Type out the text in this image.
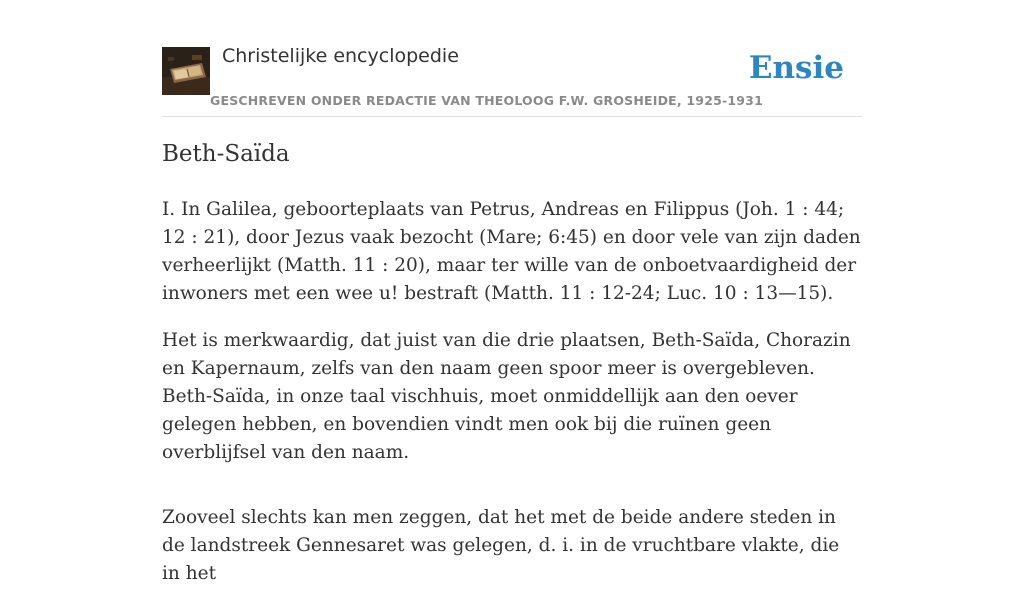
Christelijke encyclopedie
GESCHREVEN ONDER REDACTIE VAN THEOLOOG F.W. GROSHEIDE, 1925-1931
Ensie
Beth-Saïda

I. In Galilea, geboorteplaats van Petrus, Andreas en Filippus (Joh. 1 : 44; 12 : 21), door Jezus vaak bezocht (Mare; 6:45) en door vele van zijn daden verheerlijkt (Matth. 11 : 20), maar ter wille van de onboetvaardigheid der inwoners met een wee u! bestraft (Matth. 11 : 12-24; Luc. 10 : 13—15).

Het is merkwaardig, dat juist van die drie plaatsen, Beth-Saïda, Chorazin en Kapernaum, zelfs van den naam geen spoor meer is overgebleven. Beth-Saïda, in onze taal vischhuis, moet onmiddellijk aan den oever gelegen hebben, en bovendien vindt men ook bij die ruïnen geen overblijfsel van den naam.

Zooveel slechts kan men zeggen, dat het met de beide andere steden in de landstreek Gennesaret was gelegen, d. i. in de vruchtbare vlakte, die in het
